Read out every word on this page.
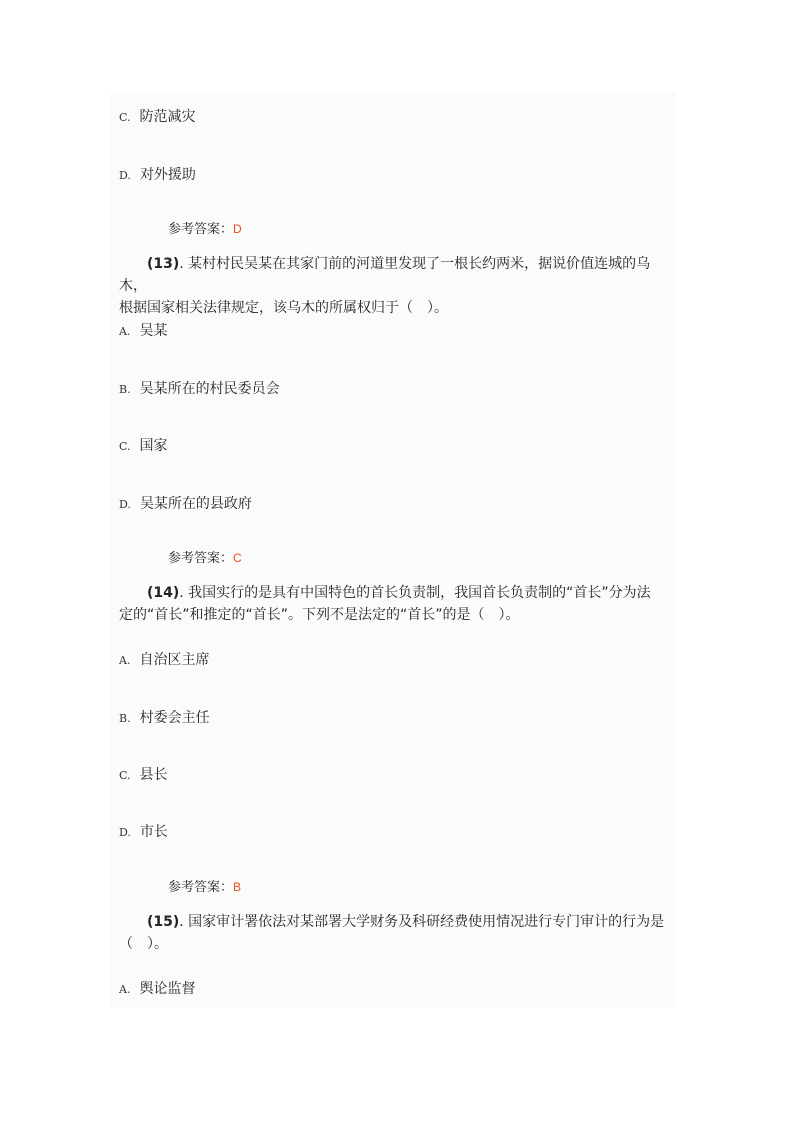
C. 防范减灾
D. 对外援助
参考答案：D

(13). 某村村民吴某在其家门前的河道里发现了一根长约两米，据说价值连城的乌木，

根据国家相关法律规定，该乌木的所属权归于（　）。

A. 吴某
B. 吴某所在的村民委员会
C. 国家
D. 吴某所在的县政府
参考答案：C

(14). 我国实行的是具有中国特色的首长负责制，我国首长负责制的“首长”分为法

定的“首长”和推定的“首长”。下列不是法定的“首长”的是（　）。

A. 自治区主席
B. 村委会主任
C. 县长
D. 市长
参考答案：B

(15). 国家审计署依法对某部署大学财务及科研经费使用情况进行专门审计的行为是

（　）。

A. 舆论监督
